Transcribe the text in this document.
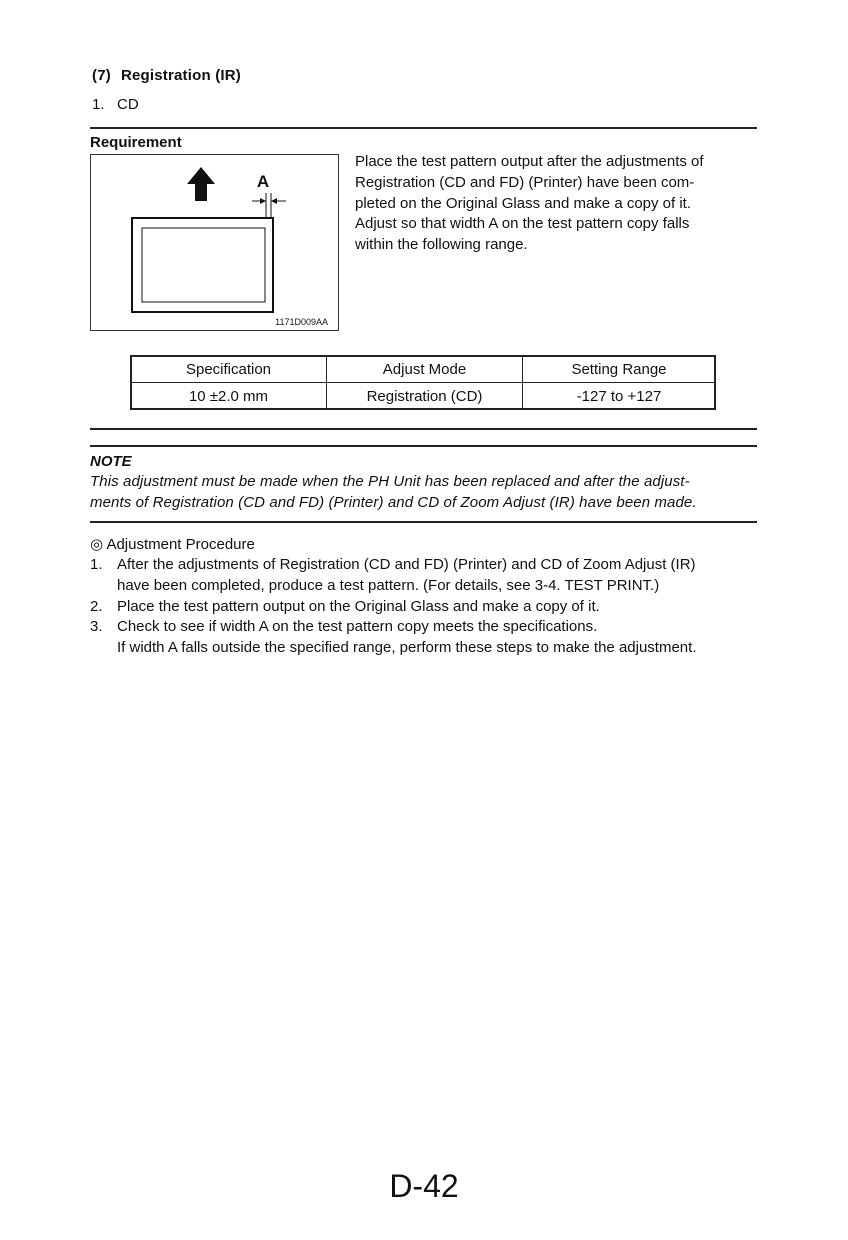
(7) Registration (IR)
1. CD
Requirement
A
1171D009AA
Place the test pattern output after the adjustments of
Registration (CD and FD) (Printer) have been com-
pleted on the Original Glass and make a copy of it.
Adjust so that width A on the test pattern copy falls
within the following range.
Specification	Adjust Mode	Setting Range
10 ±2.0 mm	Registration (CD)	-127 to +127
NOTE
This adjustment must be made when the PH Unit has been replaced and after the adjust-
ments of Registration (CD and FD) (Printer) and CD of Zoom Adjust (IR) have been made.
◎ Adjustment Procedure
1. After the adjustments of Registration (CD and FD) (Printer) and CD of Zoom Adjust (IR)
have been completed, produce a test pattern. (For details, see 3-4. TEST PRINT.)
2. Place the test pattern output on the Original Glass and make a copy of it.
3. Check to see if width A on the test pattern copy meets the specifications.
If width A falls outside the specified range, perform these steps to make the adjustment.
D-42
